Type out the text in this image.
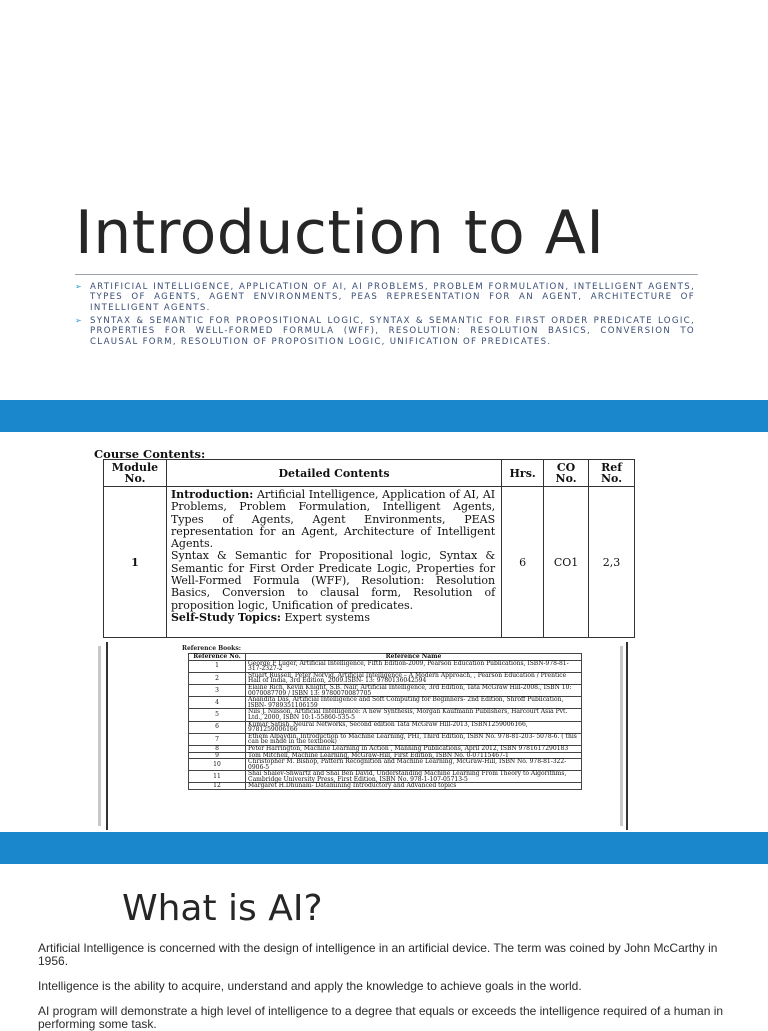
Introduction to AI
➢ ARTIFICIAL INTELLIGENCE, APPLICATION OF AI, AI PROBLEMS, PROBLEM FORMULATION, INTELLIGENT AGENTS, TYPES OF AGENTS, AGENT ENVIRONMENTS, PEAS REPRESENTATION FOR AN AGENT, ARCHITECTURE OF INTELLIGENT AGENTS.
➢ SYNTAX & SEMANTIC FOR PROPOSITIONAL LOGIC, SYNTAX & SEMANTIC FOR FIRST ORDER PREDICATE LOGIC, PROPERTIES FOR WELL-FORMED FORMULA (WFF), RESOLUTION: RESOLUTION BASICS, CONVERSION TO CLAUSAL FORM, RESOLUTION OF PROPOSITION LOGIC, UNIFICATION OF PREDICATES.
Course Contents:
Module No.	Detailed Contents	Hrs.	CO No.	Ref No.
1	Introduction: Artificial Intelligence, Application of AI, AI Problems, Problem Formulation, Intelligent Agents, Types of Agents, Agent Environments, PEAS representation for an Agent, Architecture of Intelligent Agents.
Syntax & Semantic for Propositional logic, Syntax & Semantic for First Order Predicate Logic, Properties for Well-Formed Formula (WFF), Resolution: Resolution Basics, Conversion to clausal form, Resolution of proposition logic, Unification of predicates.
Self-Study Topics: Expert systems	6	CO1	2,3
Reference Books:
Reference No.	Reference Name
1	George F Luger, Artificial Intelligence, Fifth Edition-2009, Pearson Education Publications, ISBN-978-81-317-2327-2
2	Stuart Russell, Peter Norvig, Artificial Intelligence – A Modern Approach, , Pearson Education / Prentice Hall of India, 3rd Edition, 2009.ISBN- 13: 9780136042594
3	Elaine Rich, Kevin Knight, S.B. Nair, Artificial Intelligence, 3rd Edition, Tata McGraw Hill-2008., ISBN 10: 0070087709 / ISBN 13: 9780070087705
4	Anandita Das, Artificial Intelligence and Soft Computing for Beginners- 2nd Edition, Shroff Publication, ISBN- 9789351106159
5	Nils J. Nilsson, Artificial Intelligence: A new Synthesis, Morgan Kaufmann Publishers, Harcourt Asia Pvt. Ltd., 2000, ISBN 10:1-55860-535-5
6	Kumar Satish, Neural Networks, Second edition Tata McGraw Hill-2013, ISBN1259006166, 9781259006166
7	Ethem Alpaydin, Introduction to Machine Learning, PHI, Third Edition, ISBN No. 978-81-203- 5078-6. ( this can be made in the textbook)
8	Peter Harrington, Machine Learning in Action , Manning Publications, April 2012, ISBN 9781617290183
9	Tom Mitchell, Machine Learning, McGraw-Hill, First Edition, ISBN No. 0-07115467-1
10	Christopher M. Bishop, Pattern Recognition and Machine Learning, McGraw-Hill, ISBN No. 978-81-322-0906-5
11	Shai Shalev-Shwartz and Shai Ben David, Understanding Machine Learning From Theory to Algorithms, Cambridge University Press, First Edition, ISBN No. 978-1-107-05713-5
12	Margaret H.Dhunam- Datamining Introductory and Advanced topics
What is AI?
Artificial Intelligence is concerned with the design of intelligence in an artificial device. The term was coined by John McCarthy in 1956.
Intelligence is the ability to acquire, understand and apply the knowledge to achieve goals in the world.
AI program will demonstrate a high level of intelligence to a degree that equals or exceeds the intelligence required of a human in performing some task.
